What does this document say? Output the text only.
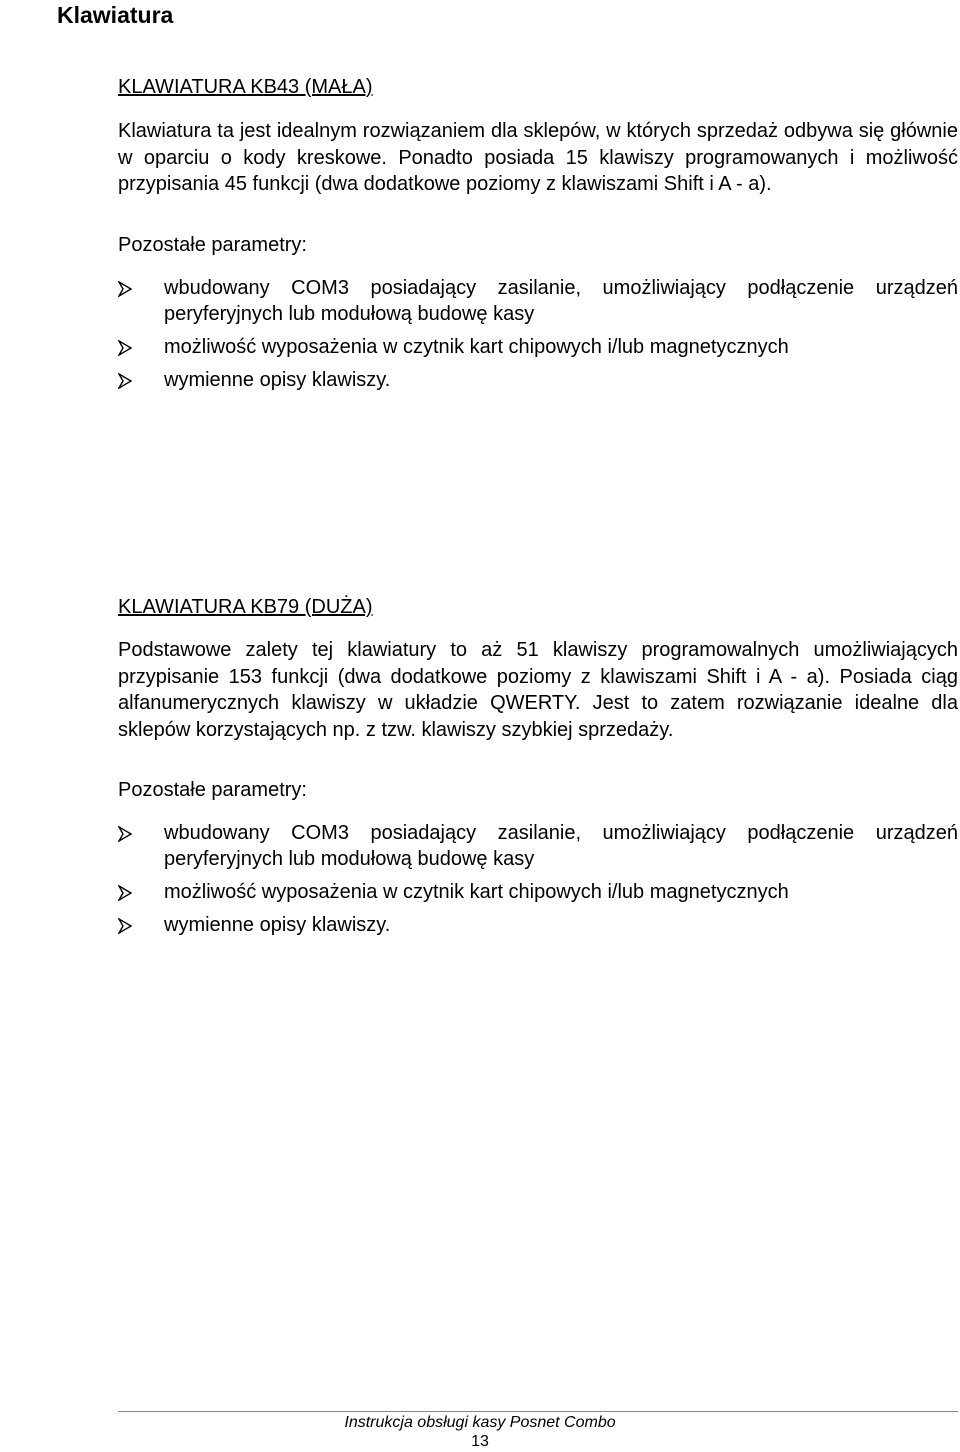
Klawiatura

KLAWIATURA KB43 (MAŁA)

Klawiatura ta jest idealnym rozwiązaniem dla sklepów, w których sprzedaż odbywa się głównie w oparciu o kody kreskowe. Ponadto posiada 15 klawiszy programowanych i możliwość przypisania 45 funkcji (dwa dodatkowe poziomy z klawiszami Shift i A - a).

Pozostałe parametry:

wbudowany COM3 posiadający zasilanie, umożliwiający podłączenie urządzeń peryferyjnych lub modułową budowę kasy
możliwość wyposażenia w czytnik kart chipowych i/lub magnetycznych
wymienne opisy klawiszy.

KLAWIATURA KB79 (DUŻA)

Podstawowe zalety tej klawiatury to aż 51 klawiszy programowalnych umożliwiających przypisanie 153 funkcji (dwa dodatkowe poziomy z klawiszami Shift i A - a). Posiada ciąg alfanumerycznych klawiszy w układzie QWERTY. Jest to zatem rozwiązanie idealne dla sklepów korzystających np. z tzw. klawiszy szybkiej sprzedaży.

Pozostałe parametry:

wbudowany COM3 posiadający zasilanie, umożliwiający podłączenie urządzeń peryferyjnych lub modułową budowę kasy
możliwość wyposażenia w czytnik kart chipowych i/lub magnetycznych
wymienne opisy klawiszy.

Instrukcja obsługi kasy Posnet Combo

13
